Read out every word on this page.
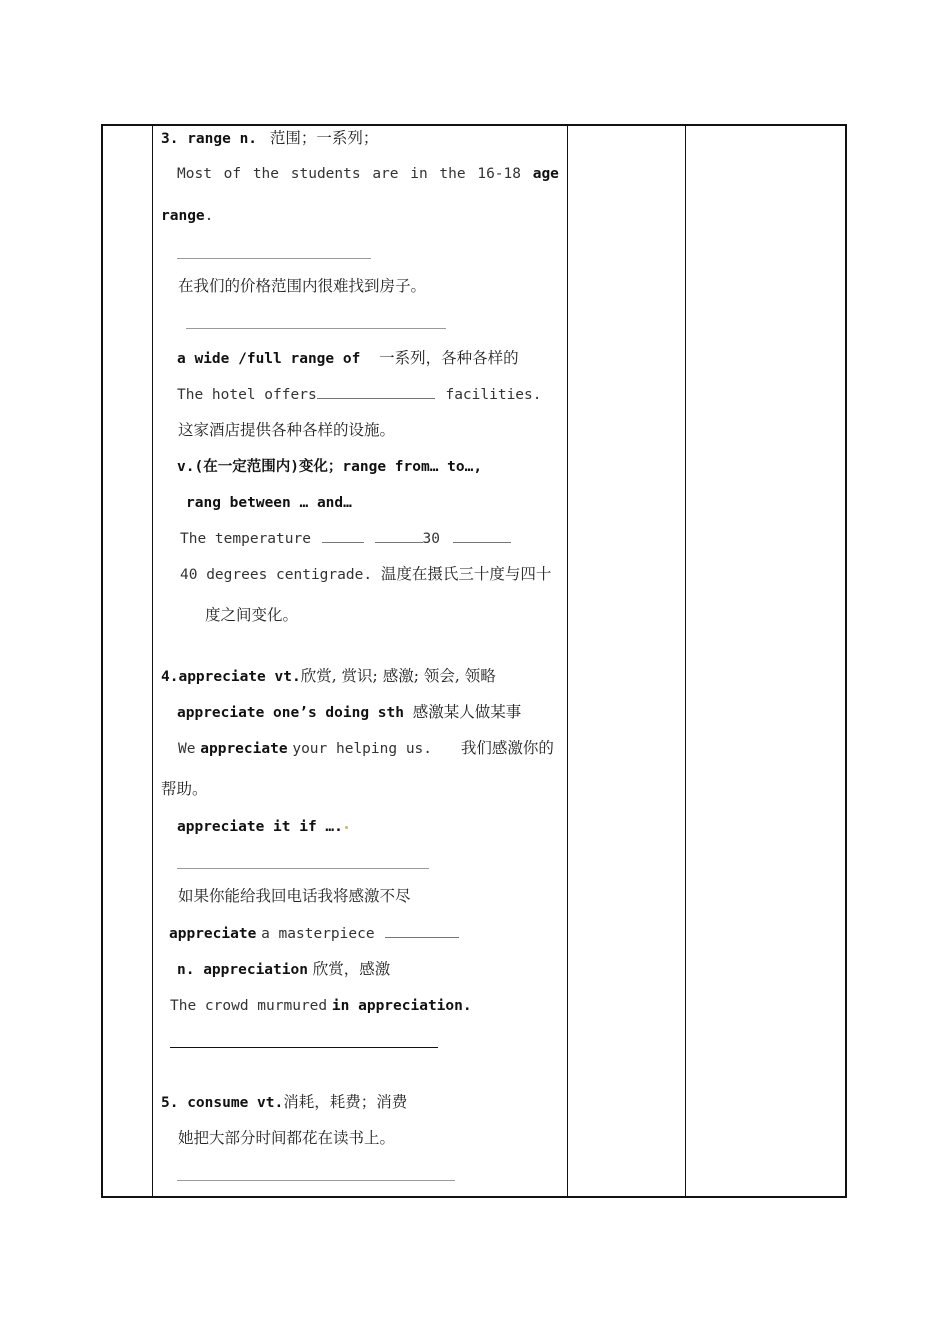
3. range n. 范围；一系列；
Most of the students are in the 16-18 age
range.
在我们的价格范围内很难找到房子。
a wide /full range of 一系列，各种各样的
The hotel offers	facilities.
这家酒店提供各种各样的设施。
v.(在一定范围内)变化；range from… to…,
rang between … and…
The temperature	30
40 degrees centigrade. 温度在摄氏三十度与四十
度之间变化。
4.appreciate vt.欣赏, 赏识; 感激; 领会, 领略
appreciate one’s doing sth 感激某人做某事
We appreciate your helping us. 我们感激你的
帮助。
appreciate it if ….
如果你能给我回电话我将感激不尽
appreciate a masterpiece
n. appreciation 欣赏，感激
The crowd murmured in appreciation.
5. consume vt.消耗，耗费；消费
她把大部分时间都花在读书上。
